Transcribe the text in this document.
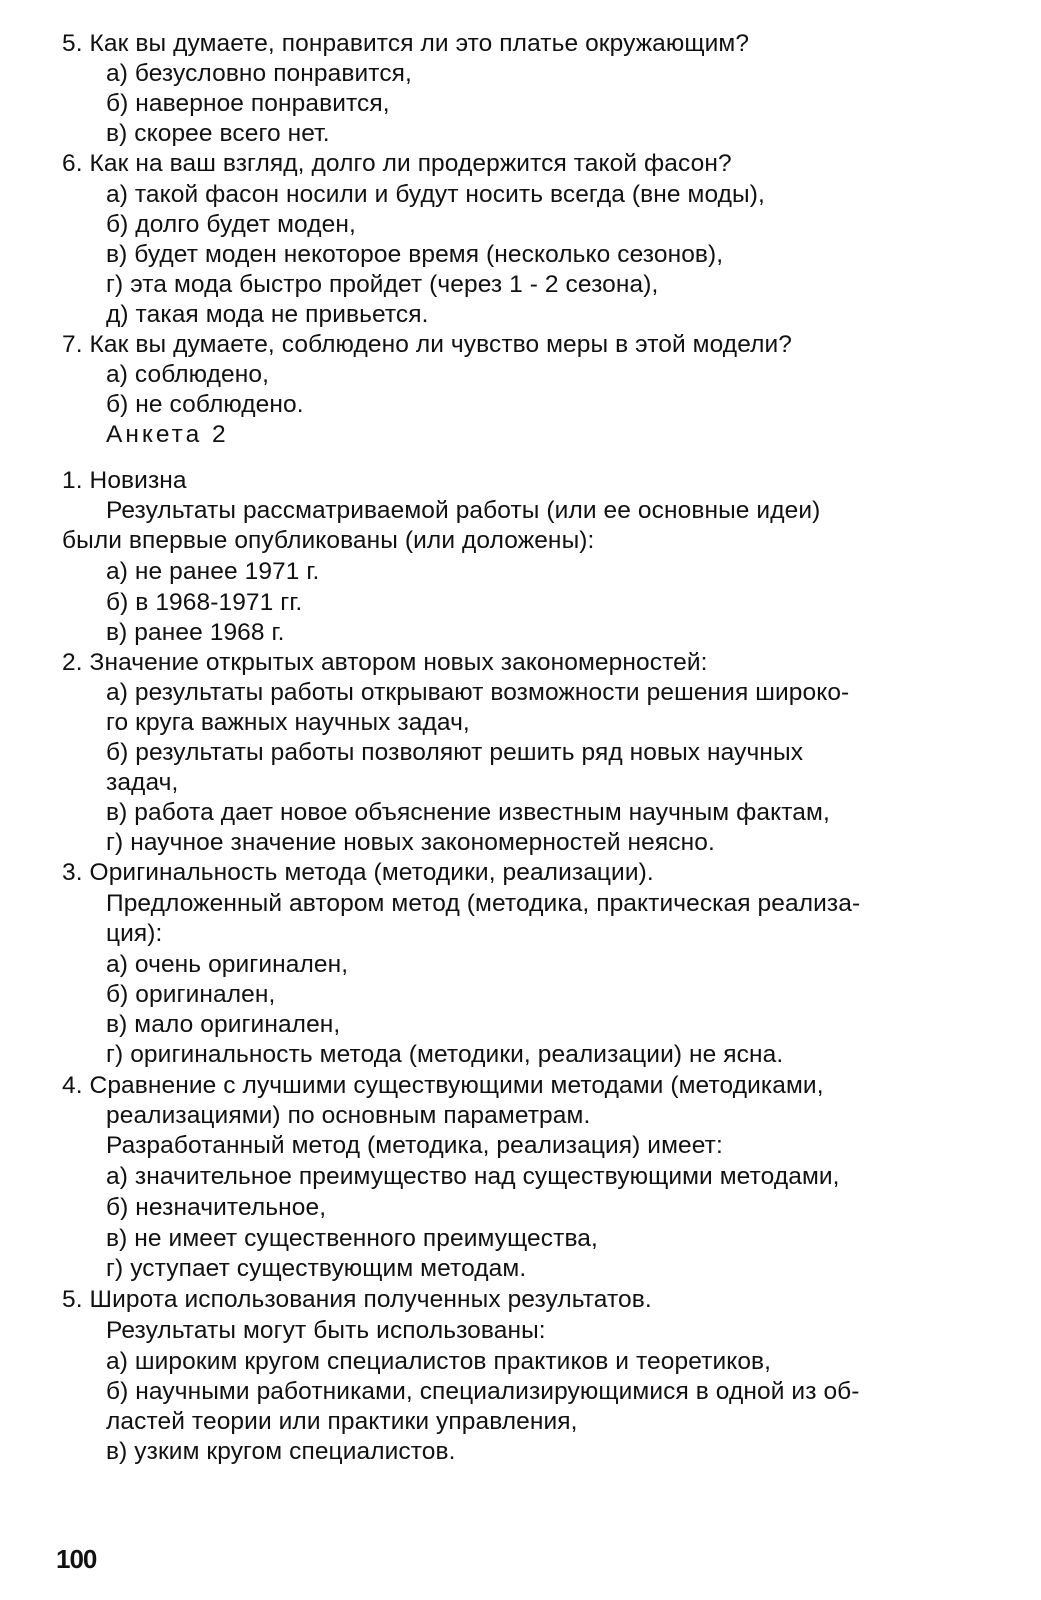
5. Как вы думаете, понравится ли это платье окружающим?
а) безусловно понравится,
б) наверное понравится,
в) скорее всего нет.
6. Как на ваш взгляд, долго ли продержится такой фасон?
а) такой фасон носили и будут носить всегда (вне моды),
б) долго будет моден,
в) будет моден некоторое время (несколько сезонов),
г) эта мода быстро пройдет (через 1 - 2 сезона),
д) такая мода не привьется.
7. Как вы думаете, соблюдено ли чувство меры в этой модели?
а) соблюдено,
б) не соблюдено.
Анкета 2
1. Новизна
Результаты рассматриваемой работы (или ее основные идеи)
были впервые опубликованы (или доложены):
а) не ранее 1971 г.
б) в 1968-1971 гг.
в) ранее 1968 г.
2. Значение открытых автором новых закономерностей:
а) результаты работы открывают возможности решения широко-
го круга важных научных задач,
б) результаты работы позволяют решить ряд новых научных
задач,
в) работа дает новое объяснение известным научным фактам,
г) научное значение новых закономерностей неясно.
3. Оригинальность метода (методики, реализации).
Предложенный автором метод (методика, практическая реализа-
ция):
а) очень оригинален,
б) оригинален,
в) мало оригинален,
г) оригинальность метода (методики, реализации) не ясна.
4. Сравнение с лучшими существующими методами (методиками,
реализациями) по основным параметрам.
Разработанный метод (методика, реализация) имеет:
а) значительное преимущество над существующими методами,
б) незначительное,
в) не имеет существенного преимущества,
г) уступает существующим методам.
5. Широта использования полученных результатов.
Результаты могут быть использованы:
а) широким кругом специалистов практиков и теоретиков,
б) научными работниками, специализирующимися в одной из об-
ластей теории или практики управления,
в) узким кругом специалистов.
100
